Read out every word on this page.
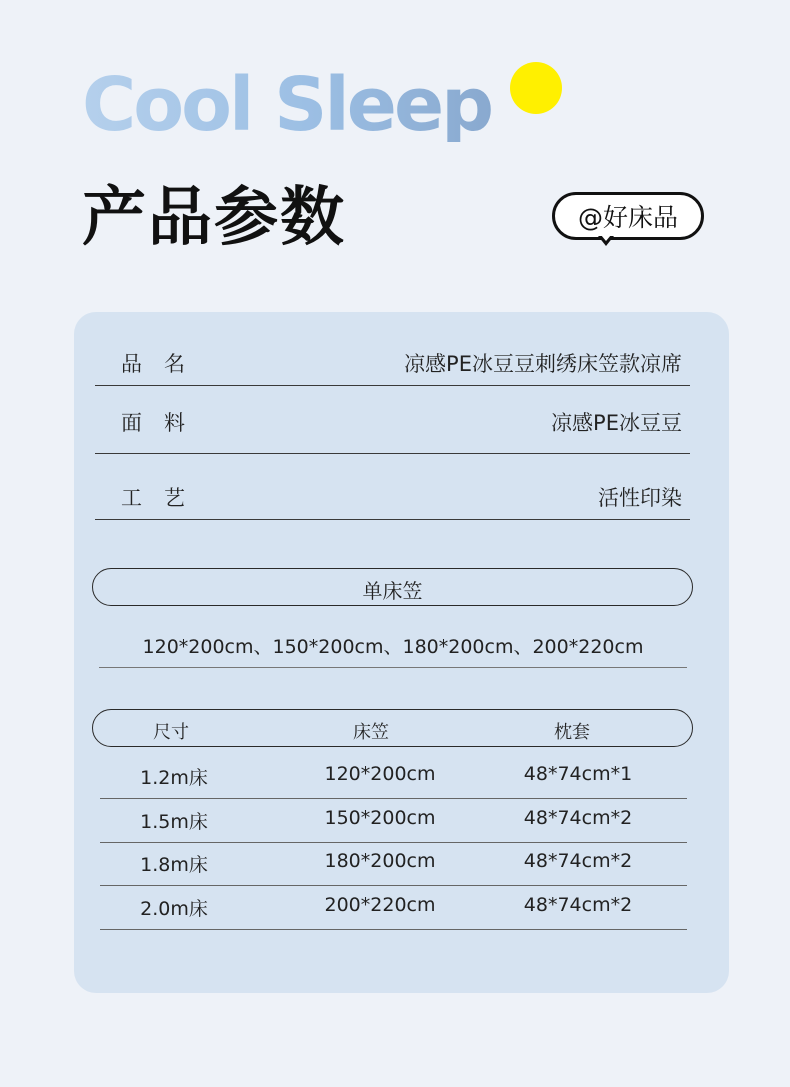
Cool Sleep
产品参数	@好床品
品名	凉感PE冰豆豆刺绣床笠款凉席
面料	凉感PE冰豆豆
工艺	活性印染
单床笠
120*200cm、150*200cm、180*200cm、200*220cm
尺寸	床笠	枕套
1.2m床	120*200cm	48*74cm*1
1.5m床	150*200cm	48*74cm*2
1.8m床	180*200cm	48*74cm*2
2.0m床	200*220cm	48*74cm*2
